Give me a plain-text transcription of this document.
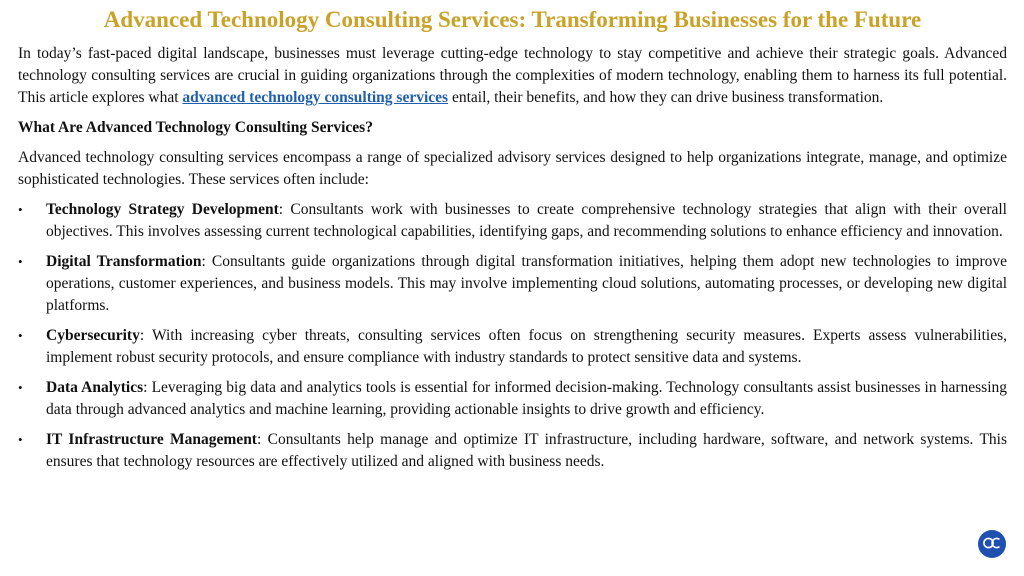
Advanced Technology Consulting Services: Transforming Businesses for the Future

In today’s fast-paced digital landscape, businesses must leverage cutting-edge technology to stay competitive and achieve their strategic goals. Advanced technology consulting services are crucial in guiding organizations through the complexities of modern technology, enabling them to harness its full potential. This article explores what advanced technology consulting services entail, their benefits, and how they can drive business transformation.

What Are Advanced Technology Consulting Services?

Advanced technology consulting services encompass a range of specialized advisory services designed to help organizations integrate, manage, and optimize sophisticated technologies. These services often include:

• Technology Strategy Development: Consultants work with businesses to create comprehensive technology strategies that align with their overall objectives. This involves assessing current technological capabilities, identifying gaps, and recommending solutions to enhance efficiency and innovation.
• Digital Transformation: Consultants guide organizations through digital transformation initiatives, helping them adopt new technologies to improve operations, customer experiences, and business models. This may involve implementing cloud solutions, automating processes, or developing new digital platforms.
• Cybersecurity: With increasing cyber threats, consulting services often focus on strengthening security measures. Experts assess vulnerabilities, implement robust security protocols, and ensure compliance with industry standards to protect sensitive data and systems.
• Data Analytics: Leveraging big data and analytics tools is essential for informed decision-making. Technology consultants assist businesses in harnessing data through advanced analytics and machine learning, providing actionable insights to drive growth and efficiency.
• IT Infrastructure Management: Consultants help manage and optimize IT infrastructure, including hardware, software, and network systems. This ensures that technology resources are effectively utilized and aligned with business needs.
